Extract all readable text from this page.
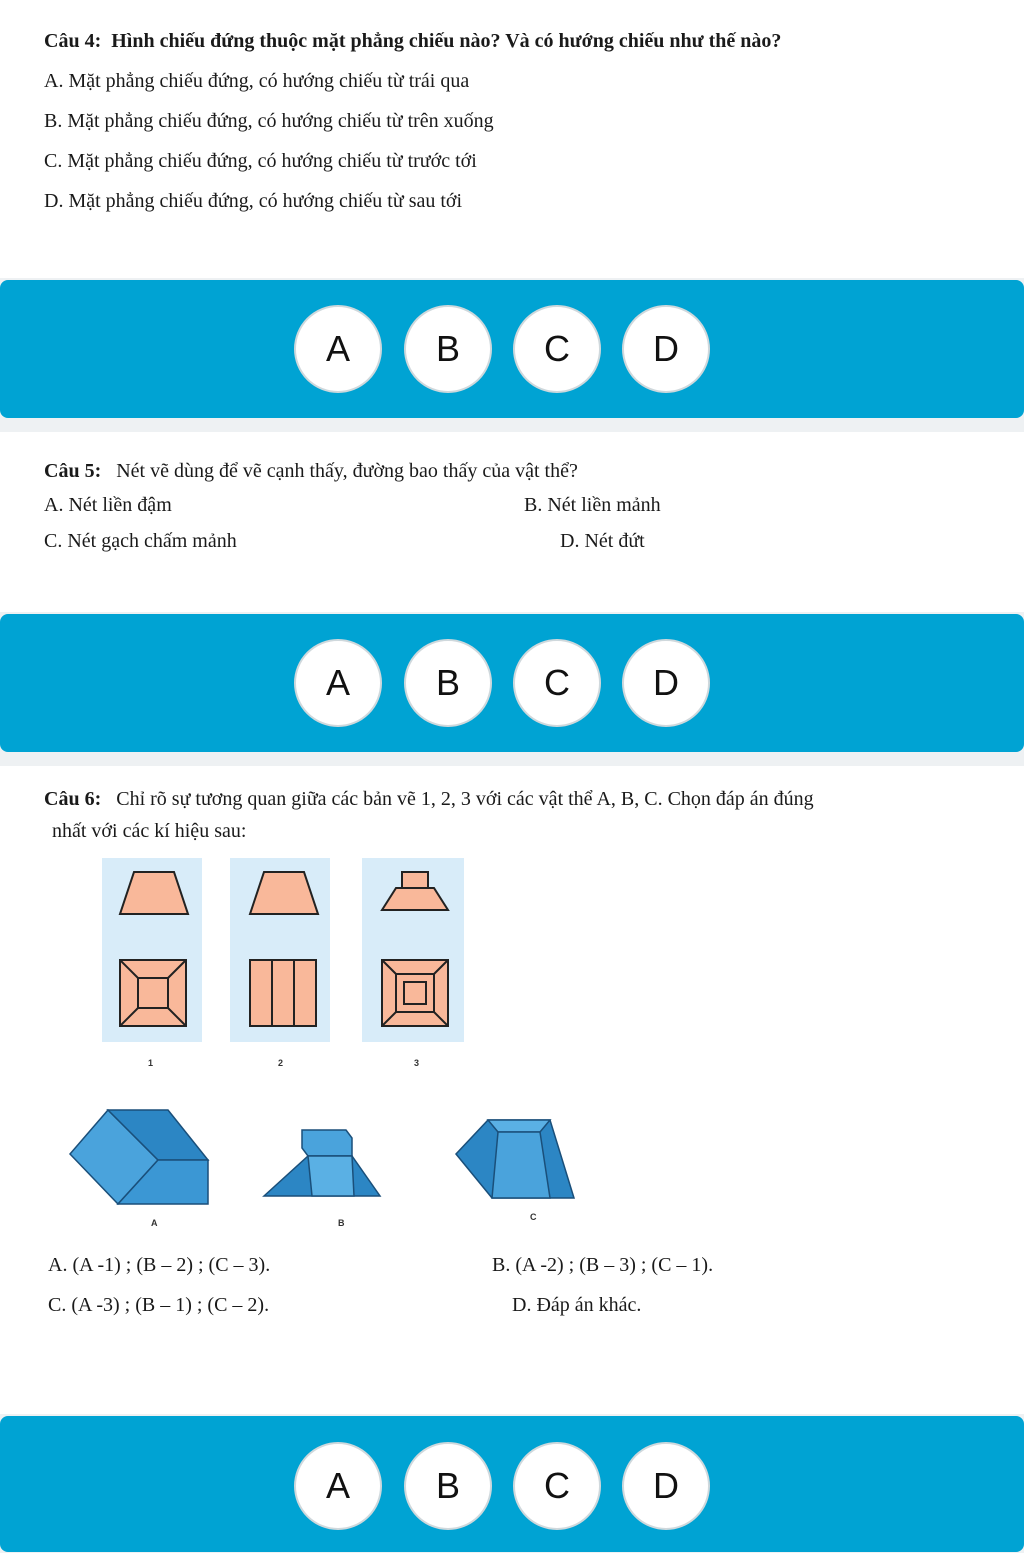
Câu 4: Hình chiếu đứng thuộc mặt phẳng chiếu nào? Và có hướng chiếu như thế nào?
A. Mặt phẳng chiếu đứng, có hướng chiếu từ trái qua
B. Mặt phẳng chiếu đứng, có hướng chiếu từ trên xuống
C. Mặt phẳng chiếu đứng, có hướng chiếu từ trước tới
D. Mặt phẳng chiếu đứng, có hướng chiếu từ sau tới
A	B	C	D
Câu 5: Nét vẽ dùng để vẽ cạnh thấy, đường bao thấy của vật thể?
A. Nét liền đậm	B. Nét liền mảnh
C. Nét gạch chấm mảnh	D. Nét đứt
A	B	C	D
Câu 6: Chỉ rõ sự tương quan giữa các bản vẽ 1, 2, 3 với các vật thể A, B, C. Chọn đáp án đúng
nhất với các kí hiệu sau:
1	2	3
A	B
C
A. (A -1) ; (B – 2) ; (C – 3).	B. (A -2) ; (B – 3) ; (C – 1).
C. (A -3) ; (B – 1) ; (C – 2).	D. Đáp án khác.
A	B	C	D
